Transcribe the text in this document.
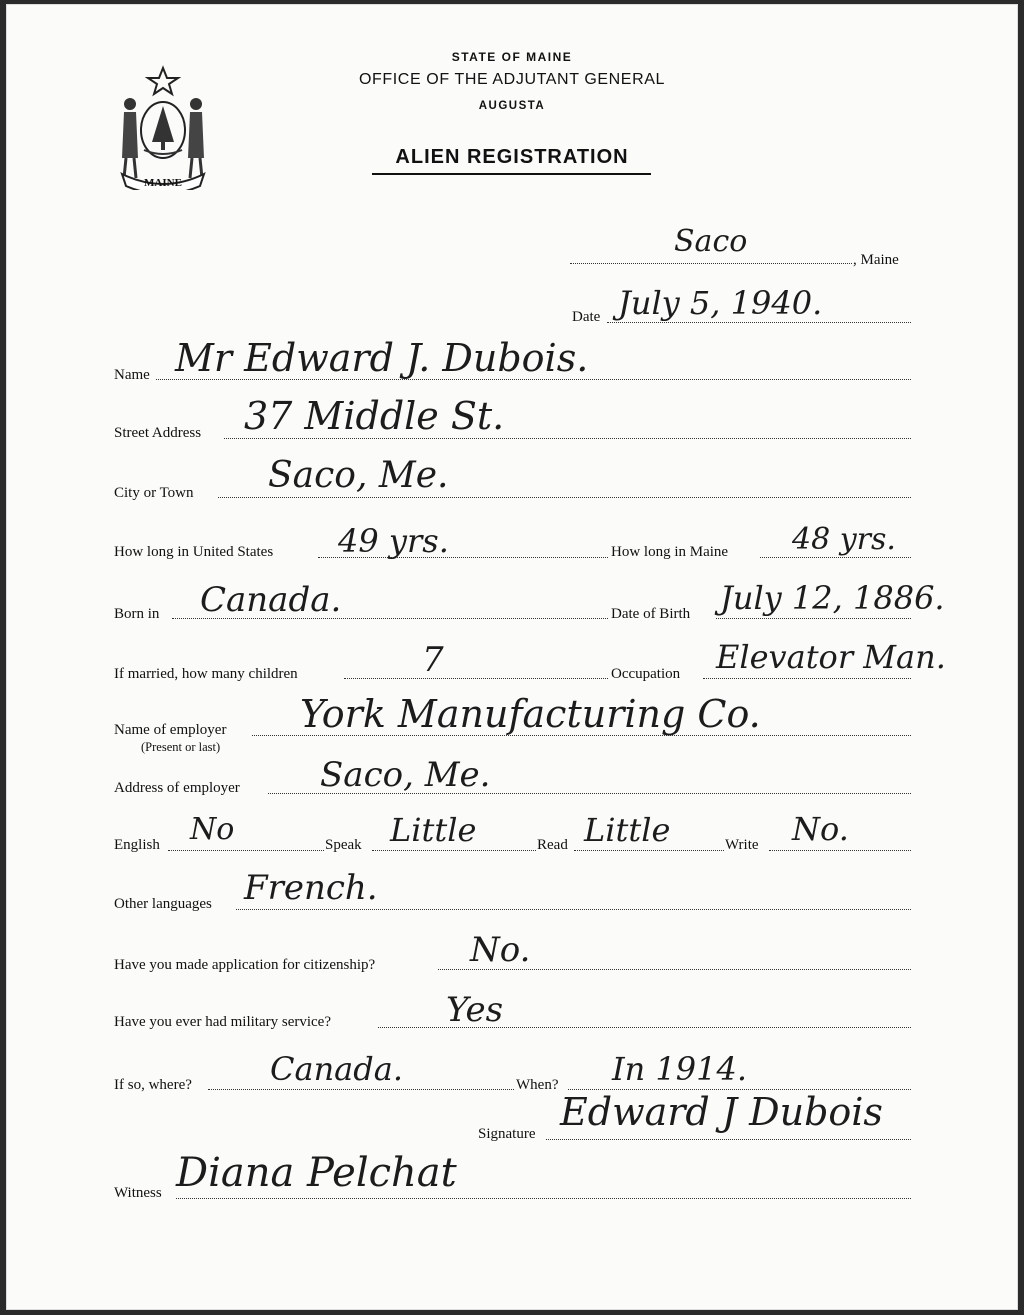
MAINE
STATE OF MAINE
OFFICE OF THE ADJUTANT GENERAL
AUGUSTA
ALIEN REGISTRATION
, Maine
Saco
Date July 5, 1940.
Name Mr Edward J. Dubois.
Street Address 37 Middle St.
City or Town Saco, Me.
How long in United States 49 yrs.	How long in Maine 48 yrs.
Born in Canada.	Date of Birth July 12, 1886.
If married, how many children	7	Occupation Elevator Man.
Name of employer
(Present or last)
York Manufacturing Co.
Address of employer Saco, Me.
English No	Speak Little	Read Little	Write No.
Other languages French.
Have you made application for citizenship?	No.
Have you ever had military service?	Yes
If so, where? Canada.	When? In 1914.
Signature Edward J Dubois
Witness Diana Pelchat
